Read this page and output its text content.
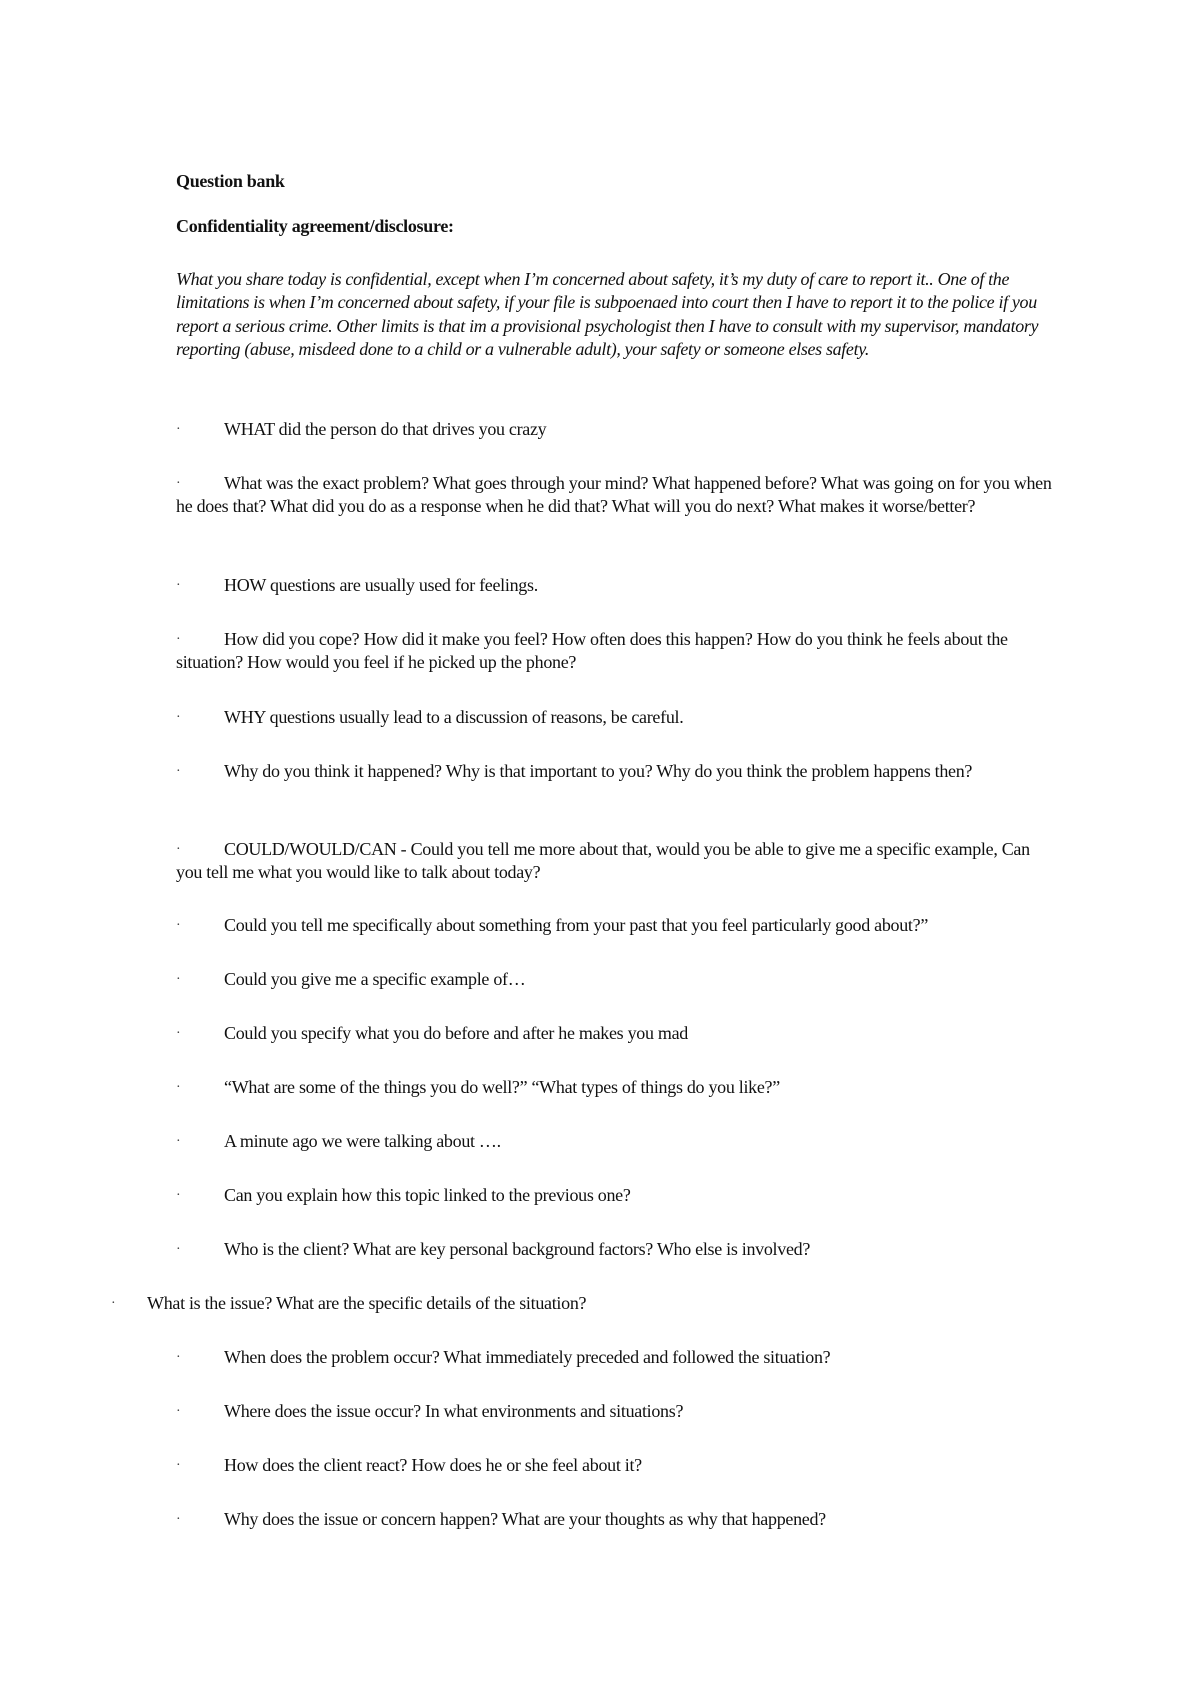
Question bank
Confidentiality agreement/disclosure:
What you share today is confidential, except when I’m concerned about safety, it’s my duty of care to report it.. One of the limitations is when I’m concerned about safety, if your file is subpoenaed into court then I have to report it to the police if you report a serious crime. Other limits is that im a provisional psychologist then I have to consult with my supervisor, mandatory reporting (abuse, misdeed done to a child or a vulnerable adult), your safety or someone elses safety.
· WHAT did the person do that drives you crazy
· What was the exact problem? What goes through your mind? What happened before? What was going on for you when he does that? What did you do as a response when he did that? What will you do next? What makes it worse/better?
· HOW questions are usually used for feelings.
· How did you cope? How did it make you feel? How often does this happen? How do you think he feels about the situation? How would you feel if he picked up the phone?
· WHY questions usually lead to a discussion of reasons, be careful.
· Why do you think it happened? Why is that important to you? Why do you think the problem happens then?
· COULD/WOULD/CAN - Could you tell me more about that, would you be able to give me a specific example, Can you tell me what you would like to talk about today?
· Could you tell me specifically about something from your past that you feel particularly good about?”
· Could you give me a specific example of…
· Could you specify what you do before and after he makes you mad
· “What are some of the things you do well?” “What types of things do you like?”
· A minute ago we were talking about ….
· Can you explain how this topic linked to the previous one?
· Who is the client? What are key personal background factors? Who else is involved?
· What is the issue? What are the specific details of the situation?
· When does the problem occur? What immediately preceded and followed the situation?
· Where does the issue occur? In what environments and situations?
· How does the client react? How does he or she feel about it?
· Why does the issue or concern happen? What are your thoughts as why that happened?
